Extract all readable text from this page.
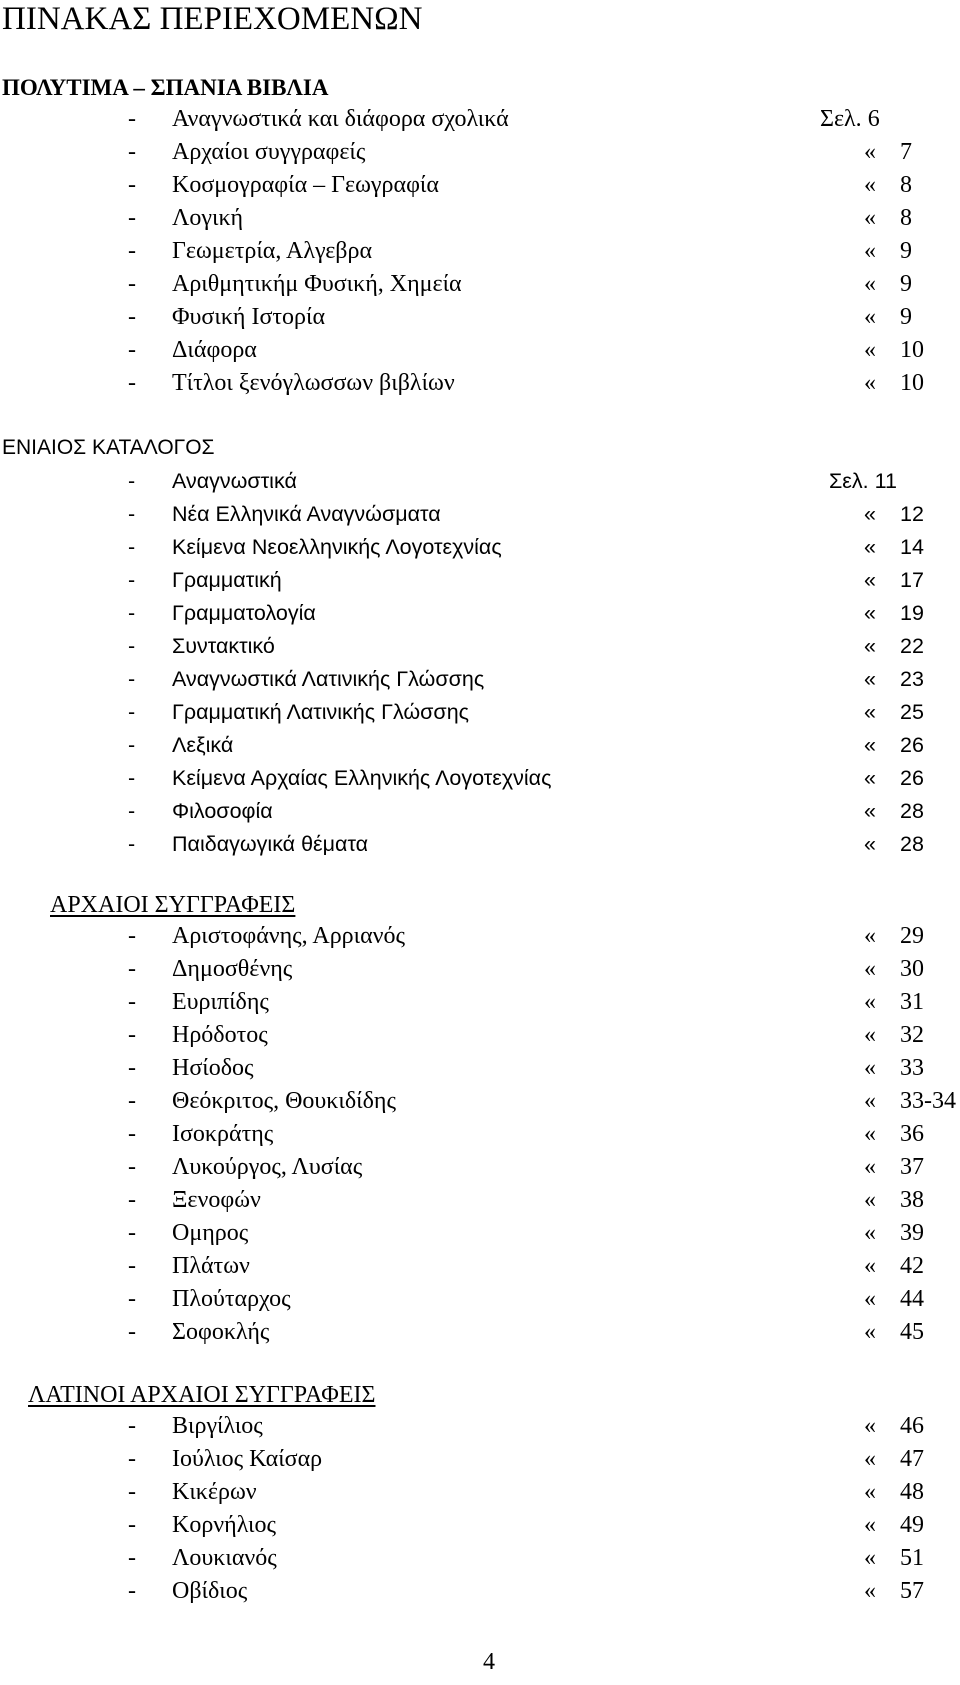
ΠΙΝΑΚΑΣ ΠΕΡΙΕΧΟΜΕΝΩΝ
ΠΟΛΥΤΙΜΑ – ΣΠΑΝΙΑ ΒΙΒΛΙΑ
- Αναγνωστικά και διάφορα σχολικά	Σελ. 6
- Αρχαίοι συγγραφείς	« 7
- Κοσμογραφία – Γεωγραφία	« 8
- Λογική	« 8
- Γεωμετρία, Αλγεβρα	« 9
- Αριθμητικήμ Φυσική, Χημεία	« 9
- Φυσική Ιστορία	« 9
- Διάφορα	« 10
- Τίτλοι ξενόγλωσσων βιβλίων	« 10
ΕΝΙΑΙΟΣ ΚΑΤΑΛΟΓΟΣ
- Αναγνωστικά	Σελ. 11
- Νέα Ελληνικά Αναγνώσματα	« 12
- Κείμενα Νεοελληνικής Λογοτεχνίας	« 14
- Γραμματική	« 17
- Γραμματολογία	« 19
- Συντακτικό	« 22
- Αναγνωστικά Λατινικής Γλώσσης	« 23
- Γραμματική Λατινικής Γλώσσης	« 25
- Λεξικά	« 26
- Κείμενα Αρχαίας Ελληνικής Λογοτεχνίας	« 26
- Φιλοσοφία	« 28
- Παιδαγωγικά θέματα	« 28
ΑΡΧΑΙΟΙ ΣΥΓΓΡΑΦΕΙΣ
- Αριστοφάνης, Αρριανός	« 29
- Δημοσθένης	« 30
- Ευριπίδης	« 31
- Ηρόδοτος	« 32
- Ησίοδος	« 33
- Θεόκριτος, Θουκιδίδης	« 33-34
- Ισοκράτης	« 36
- Λυκούργος, Λυσίας	« 37
- Ξενοφών	« 38
- Ομηρος	« 39
- Πλάτων	« 42
- Πλούταρχος	« 44
- Σοφοκλής	« 45
ΛΑΤΙΝΟΙ ΑΡΧΑΙΟΙ ΣΥΓΓΡΑΦΕΙΣ
- Βιργίλιος	« 46
- Ιούλιος Καίσαρ	« 47
- Κικέρων	« 48
- Κορνήλιος	« 49
- Λουκιανός	« 51
- Οβίδιος	« 57
4
